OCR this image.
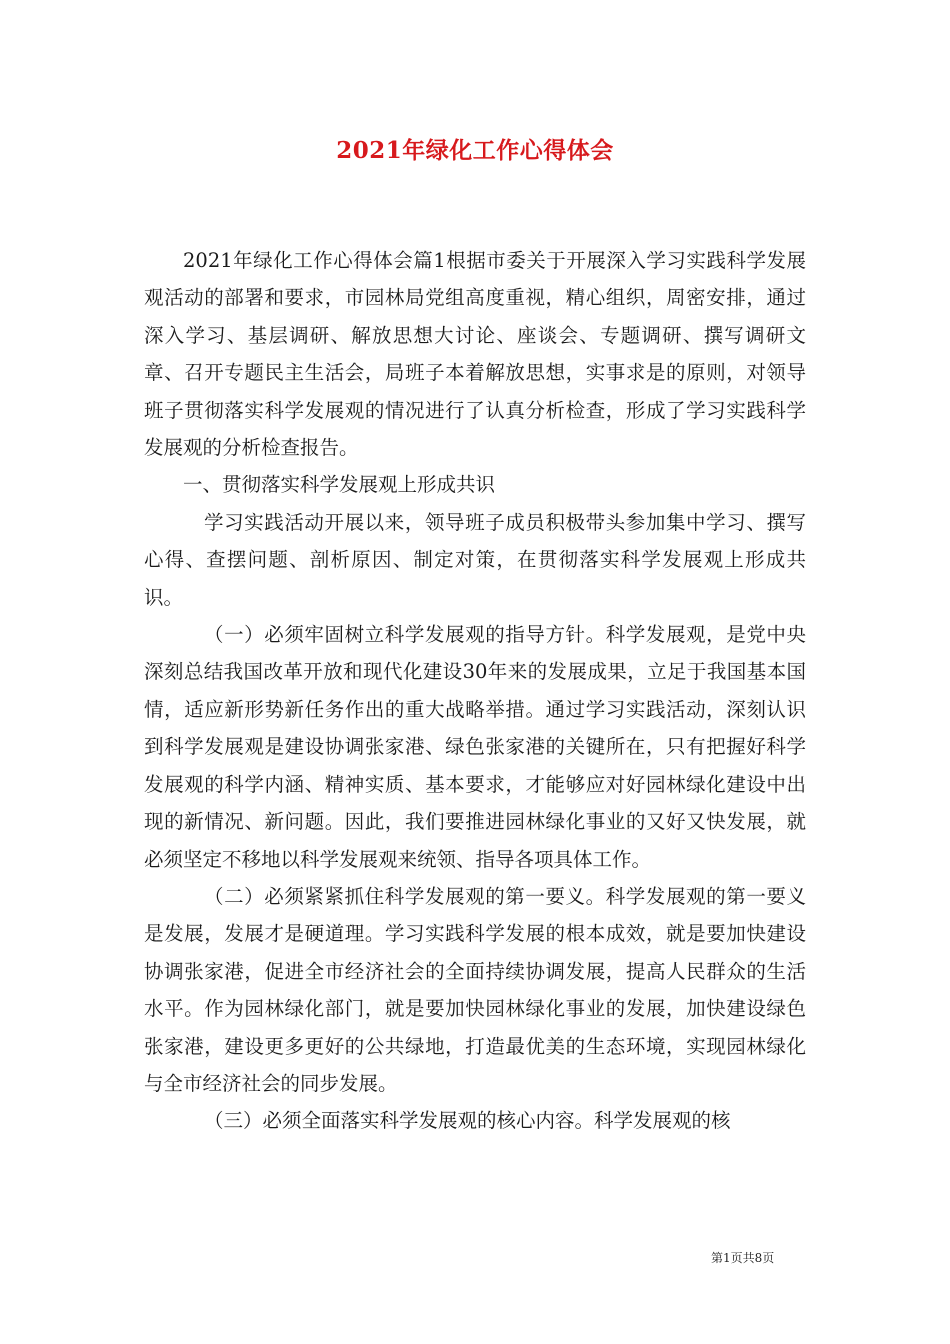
2021年绿化工作心得体会

2021年绿化工作心得体会篇1根据市委关于开展深入学习实践科学发展观活动的部署和要求，市园林局党组高度重视，精心组织，周密安排，通过深入学习、基层调研、解放思想大讨论、座谈会、专题调研、撰写调研文章、召开专题民主生活会，局班子本着解放思想，实事求是的原则，对领导班子贯彻落实科学发展观的情况进行了认真分析检查，形成了学习实践科学发展观的分析检查报告。

一、贯彻落实科学发展观上形成共识

学习实践活动开展以来，领导班子成员积极带头参加集中学习、撰写心得、查摆问题、剖析原因、制定对策，在贯彻落实科学发展观上形成共识。

（一）必须牢固树立科学发展观的指导方针。科学发展观，是党中央深刻总结我国改革开放和现代化建设30年来的发展成果，立足于我国基本国情，适应新形势新任务作出的重大战略举措。通过学习实践活动，深刻认识到科学发展观是建设协调张家港、绿色张家港的关键所在，只有把握好科学发展观的科学内涵、精神实质、基本要求，才能够应对好园林绿化建设中出现的新情况、新问题。因此，我们要推进园林绿化事业的又好又快发展，就必须坚定不移地以科学发展观来统领、指导各项具体工作。

（二）必须紧紧抓住科学发展观的第一要义。科学发展观的第一要义是发展，发展才是硬道理。学习实践科学发展的根本成效，就是要加快建设协调张家港，促进全市经济社会的全面持续协调发展，提高人民群众的生活水平。作为园林绿化部门，就是要加快园林绿化事业的发展，加快建设绿色张家港，建设更多更好的公共绿地，打造最优美的生态环境，实现园林绿化与全市经济社会的同步发展。

（三）必须全面落实科学发展观的核心内容。科学发展观的核

第1页共8页
